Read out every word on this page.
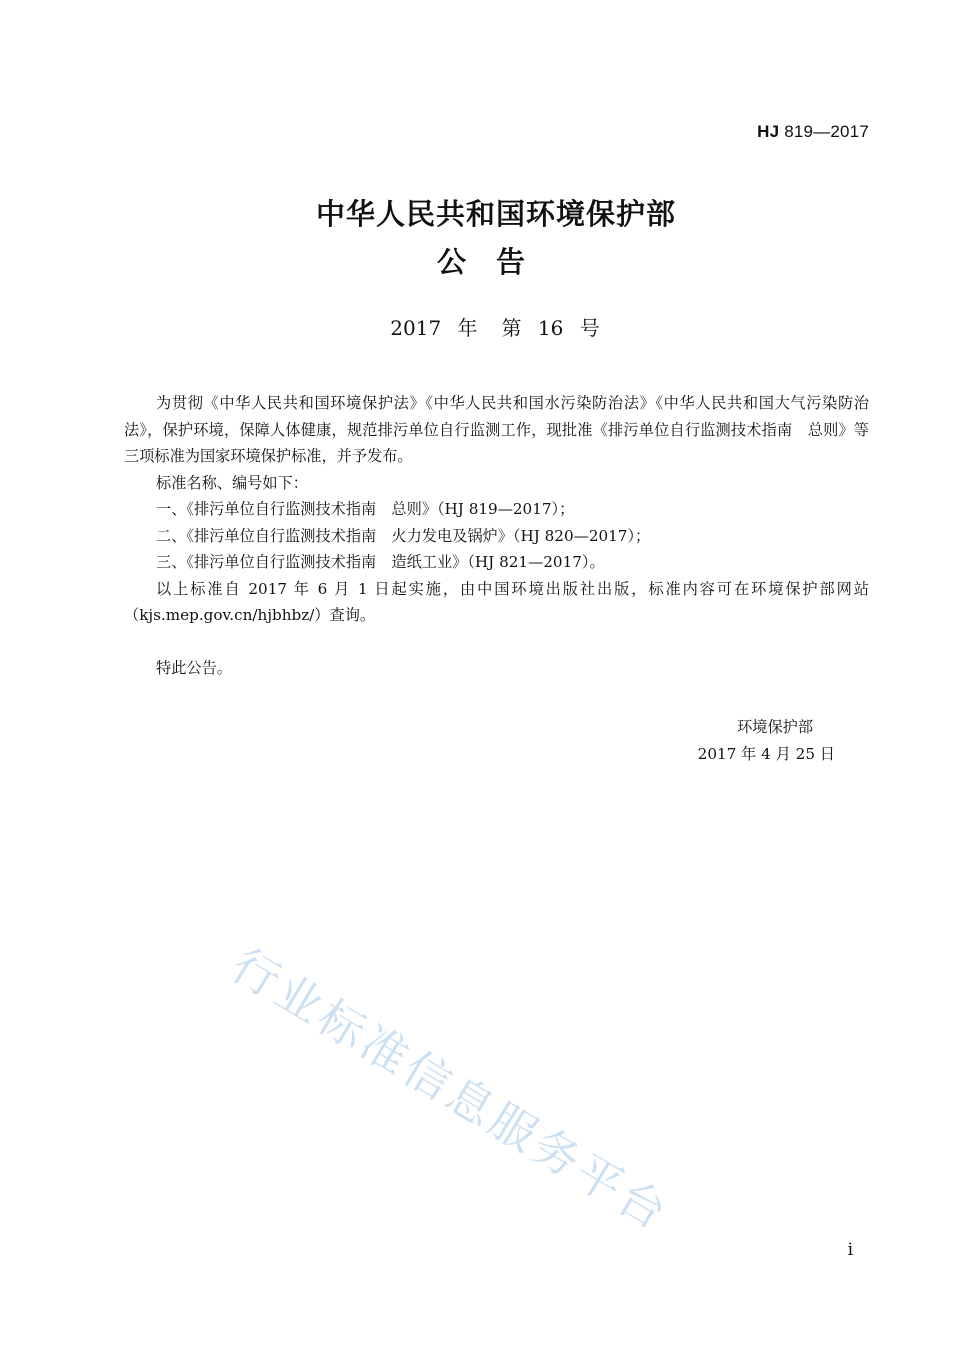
HJ 819—2017
中华人民共和国环境保护部
公告
2017 年 第 16 号

为贯彻《中华人民共和国环境保护法》《中华人民共和国水污染防治法》《中华人民共和国大气污染防治法》，保护环境，保障人体健康，规范排污单位自行监测工作，现批准《排污单位自行监测技术指南　总则》等三项标准为国家环境保护标准，并予发布。

标准名称、编号如下：

一、《排污单位自行监测技术指南　总则》（HJ 819—2017）；

二、《排污单位自行监测技术指南　火力发电及锅炉》（HJ 820—2017）；

三、《排污单位自行监测技术指南　造纸工业》（HJ 821—2017）。

以上标准自 2017 年 6 月 1 日起实施，由中国环境出版社出版，标准内容可在环境保护部网站（kjs.mep.gov.cn/hjbhbz/）查询。

特此公告。

环境保护部
2017 年 4 月 25 日
行业标准信息服务平台
i
